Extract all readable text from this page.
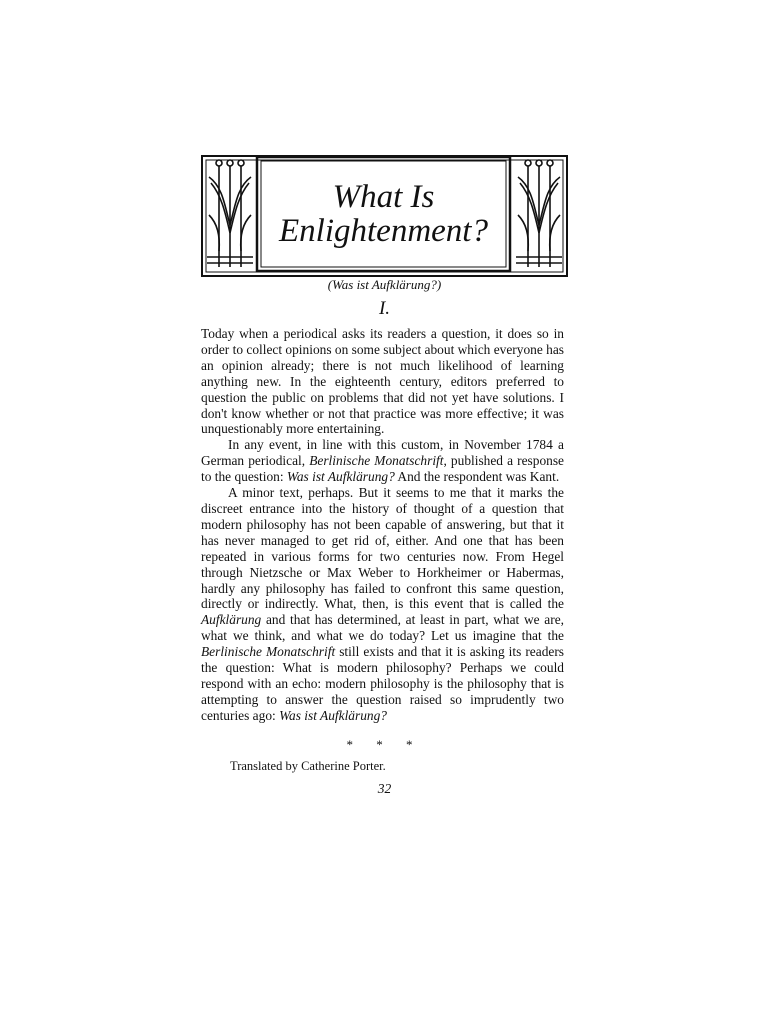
What Is
Enlightenment?
(Was ist Aufklärung?)
I.

Today when a periodical asks its readers a question, it does so in order to collect opinions on some subject about which everyone has an opinion already; there is not much likelihood of learning anything new. In the eighteenth century, editors preferred to question the public on problems that did not yet have solutions. I don't know whether or not that practice was more effective; it was unquestionably more entertaining.

In any event, in line with this custom, in November 1784 a German periodical, Berlinische Monatschrift, published a response to the question: Was ist Aufklärung? And the respondent was Kant.

A minor text, perhaps. But it seems to me that it marks the discreet entrance into the history of thought of a question that modern philosophy has not been capable of answering, but that it has never managed to get rid of, either. And one that has been repeated in various forms for two centuries now. From Hegel through Nietzsche or Max Weber to Horkheimer or Habermas, hardly any philosophy has failed to confront this same question, directly or indirectly. What, then, is this event that is called the Aufklärung and that has determined, at least in part, what we are, what we think, and what we do today? Let us imagine that the Berlinische Monatschrift still exists and that it is asking its readers the question: What is modern philosophy? Perhaps we could respond with an echo: modern philosophy is the philosophy that is attempting to answer the question raised so imprudently two centuries ago: Was ist Aufklärung?

* * *
Translated by Catherine Porter.
32
